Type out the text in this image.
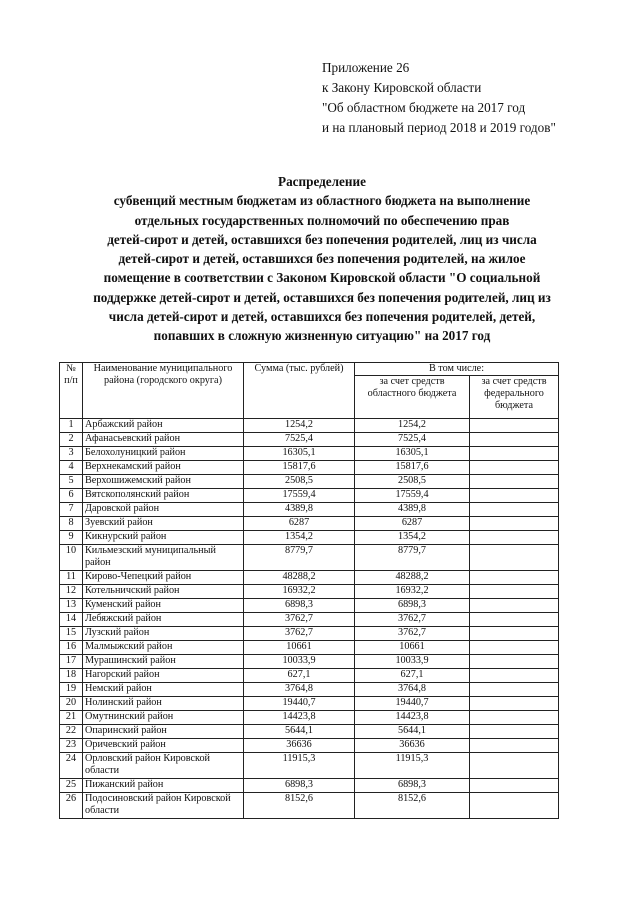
Приложение 26
к Закону Кировской области
"Об областном бюджете на 2017 год
и на плановый период 2018 и 2019 годов"
Распределение
субвенций местным бюджетам из областного бюджета на выполнение
отдельных государственных полномочий по обеспечению прав
детей-сирот и детей, оставшихся без попечения родителей, лиц из числа
детей-сирот и детей, оставшихся без попечения родителей, на жилое
помещение в соответствии с Законом Кировской области "О социальной
поддержке детей-сирот и детей, оставшихся без попечения родителей, лиц из
числа детей-сирот и детей, оставшихся без попечения родителей, детей,
попавших в сложную жизненную ситуацию" на 2017 год
№ п/п	Наименование муниципального района (городского округа)	Сумма (тыс. рублей)	В том числе:	
			за счет средств областного бюджета	за счет средств федерального бюджета
1	Арбажский район	1254,2	1254,2	
2	Афанасьевский район	7525,4	7525,4	
3	Белохолуницкий район	16305,1	16305,1	
4	Верхнекамский район	15817,6	15817,6	
5	Верхошижемский район	2508,5	2508,5	
6	Вятскополянский район	17559,4	17559,4	
7	Даровской район	4389,8	4389,8	
8	Зуевский район	6287	6287	
9	Кикнурский район	1354,2	1354,2	
10	Кильмезский муниципальный район	8779,7	8779,7	
11	Кирово-Чепецкий район	48288,2	48288,2	
12	Котельничский район	16932,2	16932,2	
13	Куменский район	6898,3	6898,3	
14	Лебяжский район	3762,7	3762,7	
15	Лузский район	3762,7	3762,7	
16	Малмыжский район	10661	10661	
17	Мурашинский район	10033,9	10033,9	
18	Нагорский район	627,1	627,1	
19	Немский район	3764,8	3764,8	
20	Нолинский район	19440,7	19440,7	
21	Омутнинский район	14423,8	14423,8	
22	Опаринский район	5644,1	5644,1	
23	Оричевский район	36636	36636	
24	Орловский район Кировской области	11915,3	11915,3	
25	Пижанский район	6898,3	6898,3	
26	Подосиновский район Кировской области	8152,6	8152,6	
